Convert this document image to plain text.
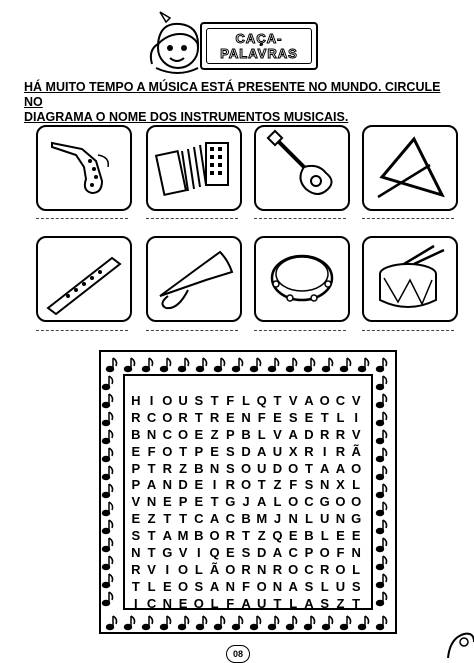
CAÇA-
PALAVRAS

HÁ MUITO TEMPO A MÚSICA ESTÁ PRESENTE NO MUNDO. CIRCULE NO

DIAGRAMA O NOME DOS INSTRUMENTOS MUSICAIS.

H I O U S T F L Q T V A O C V
R C O R T R E N F E S E T L I
B N C O E Z P B L V A D R R V
E F O T P E S D A U X R I R Ã
P T R Z B N S O U D O T A A O
P A N D E I R O T Z F S N X L
V N E P E T G J A L O C G O O
E Z T T C A C B M J N L U N G
S T A M B O R T Z Q E B L E E
N T G V I Q E S D A C P O F N
R V I O L Ã O R N R O C R O L
T L E O S A N F O N A S L U S
I C N E O L F A U T L A S Z T
08
